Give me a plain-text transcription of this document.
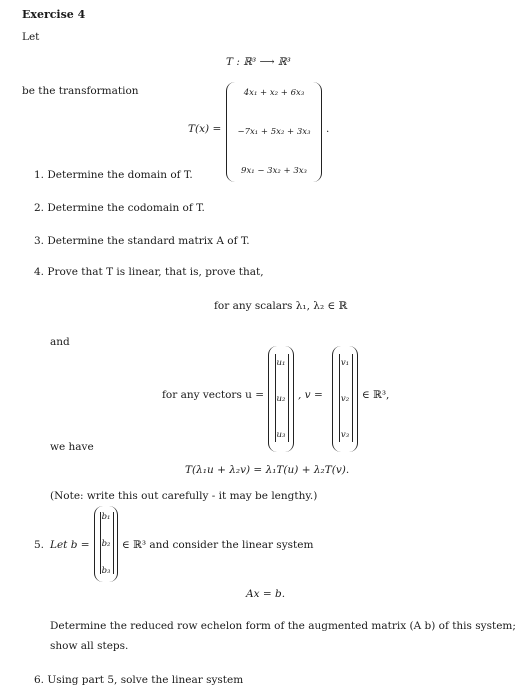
Exercise 4
Let
T : ℝ³ ⟶ ℝ³
be the transformation
T(x) =
4x₁ + x₂ + 6x₃
−7x₁ + 5x₂ + 3x₃
9x₁ − 3x₂ + 3x₃
.
1. Determine the domain of T.
2. Determine the codomain of T.
3. Determine the standard matrix A of T.
4. Prove that T is linear, that is, prove that,
for any scalars λ₁, λ₂ ∈ ℝ
and
for any vectors u =
u₁
u₂
u₃
, v =
v₁
v₂
v₃
∈ ℝ³,
we have
T(λ₁u + λ₂v) = λ₁T(u) + λ₂T(v).
(Note: write this out carefully - it may be lengthy.)
5. Let b =
b₁
b₂
b₃
∈ ℝ³ and consider the linear system
Ax = b.
Determine the reduced row echelon form of the augmented matrix (A b) of this system;
show all steps.
6. Using part 5, solve the linear system
